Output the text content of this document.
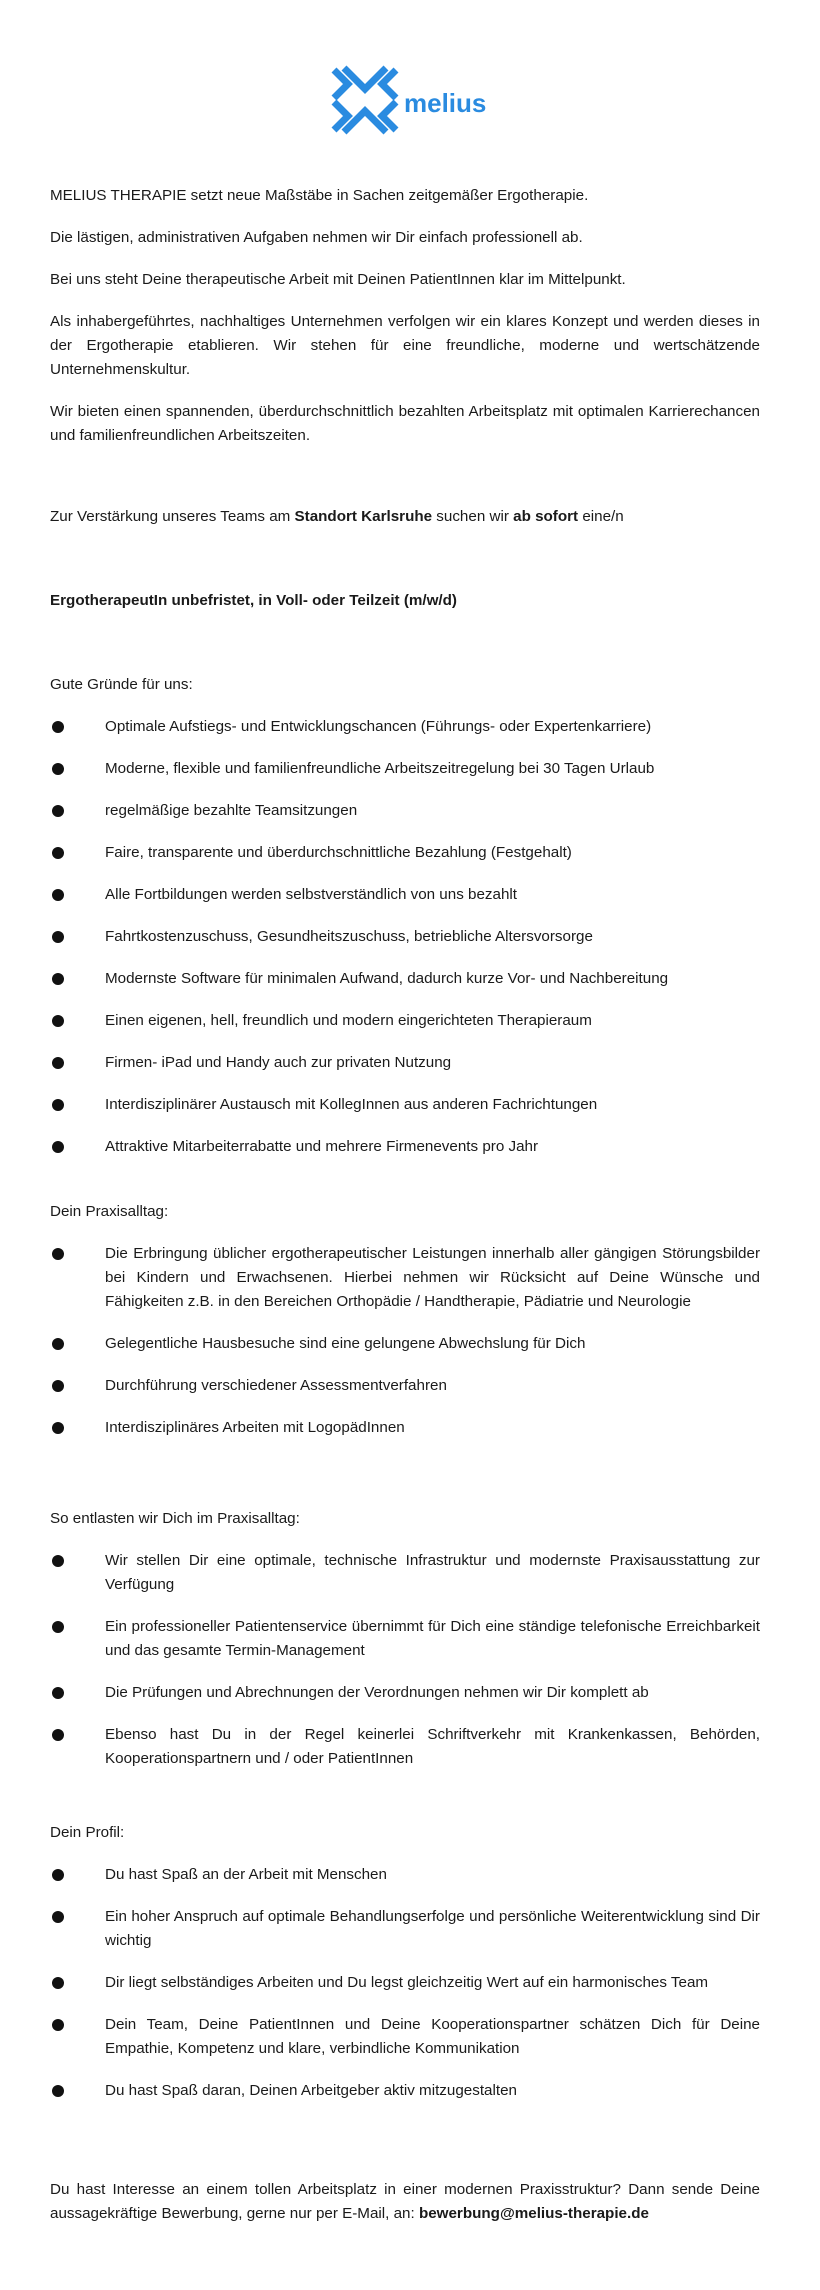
melius

MELIUS THERAPIE setzt neue Maßstäbe in Sachen zeitgemäßer Ergotherapie.

Die lästigen, administrativen Aufgaben nehmen wir Dir einfach professionell ab.

Bei uns steht Deine therapeutische Arbeit mit Deinen PatientInnen klar im Mittelpunkt.

Als inhabergeführtes, nachhaltiges Unternehmen verfolgen wir ein klares Konzept und werden dieses in der Ergotherapie etablieren. Wir stehen für eine freundliche, moderne und wertschätzende Unternehmenskultur.

Wir bieten einen spannenden, überdurchschnittlich bezahlten Arbeitsplatz mit optimalen Karrierechancen und familienfreundlichen Arbeitszeiten.

Zur Verstärkung unseres Teams am Standort Karlsruhe suchen wir ab sofort eine/n

ErgotherapeutIn unbefristet, in Voll- oder Teilzeit (m/w/d)

Gute Gründe für uns:

Optimale Aufstiegs- und Entwicklungschancen (Führungs- oder Expertenkarriere)
Moderne, flexible und familienfreundliche Arbeitszeitregelung bei 30 Tagen Urlaub
regelmäßige bezahlte Teamsitzungen
Faire, transparente und überdurchschnittliche Bezahlung (Festgehalt)
Alle Fortbildungen werden selbstverständlich von uns bezahlt
Fahrtkostenzuschuss, Gesundheitszuschuss, betriebliche Altersvorsorge
Modernste Software für minimalen Aufwand, dadurch kurze Vor- und Nachbereitung
Einen eigenen, hell, freundlich und modern eingerichteten Therapieraum
Firmen- iPad und Handy auch zur privaten Nutzung
Interdisziplinärer Austausch mit KollegInnen aus anderen Fachrichtungen
Attraktive Mitarbeiterrabatte und mehrere Firmenevents pro Jahr

Dein Praxisalltag:

Die Erbringung üblicher ergotherapeutischer Leistungen innerhalb aller gängigen Störungsbilder bei Kindern und Erwachsenen. Hierbei nehmen wir Rücksicht auf Deine Wünsche und Fähigkeiten z.B. in den Bereichen Orthopädie / Handtherapie, Pädiatrie und Neurologie
Gelegentliche Hausbesuche sind eine gelungene Abwechslung für Dich
Durchführung verschiedener Assessmentverfahren
Interdisziplinäres Arbeiten mit LogopädInnen

So entlasten wir Dich im Praxisalltag:

Wir stellen Dir eine optimale, technische Infrastruktur und modernste Praxisausstattung zur Verfügung
Ein professioneller Patientenservice übernimmt für Dich eine ständige telefonische Erreichbarkeit und das gesamte Termin-Management
Die Prüfungen und Abrechnungen der Verordnungen nehmen wir Dir komplett ab
Ebenso hast Du in der Regel keinerlei Schriftverkehr mit Krankenkassen, Behörden, Kooperationspartnern und / oder PatientInnen

Dein Profil:

Du hast Spaß an der Arbeit mit Menschen
Ein hoher Anspruch auf optimale Behandlungserfolge und persönliche Weiterentwicklung sind Dir wichtig
Dir liegt selbständiges Arbeiten und Du legst gleichzeitig Wert auf ein harmonisches Team
Dein Team, Deine PatientInnen und Deine Kooperationspartner schätzen Dich für Deine Empathie, Kompetenz und klare, verbindliche Kommunikation
Du hast Spaß daran, Deinen Arbeitgeber aktiv mitzugestalten

Du hast Interesse an einem tollen Arbeitsplatz in einer modernen Praxisstruktur? Dann sende Deine aussagekräftige Bewerbung, gerne nur per E-Mail, an: bewerbung@melius-therapie.de
